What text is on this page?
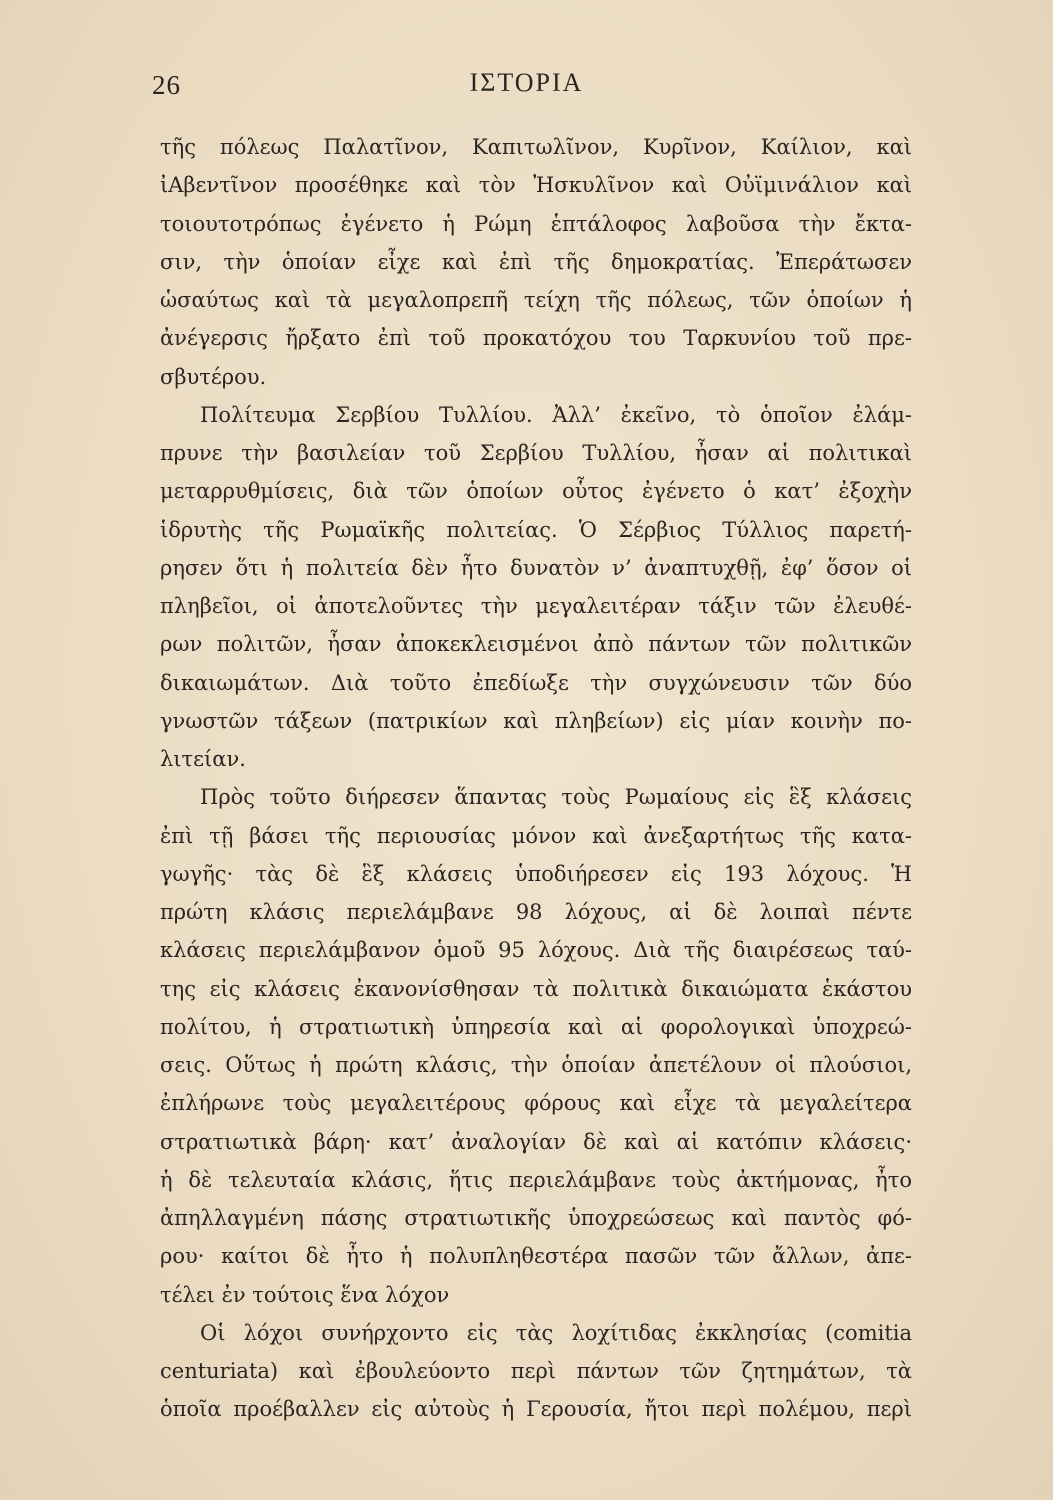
26	ΙΣΤΟΡΙΑ
τῆς πόλεως Παλατῖνον, Καπιτωλῖνον, Κυρῖνον, Καίλιον, καὶ
ἰΑβεντῖνον προσέθηκε καὶ τὸν Ἠσκυλῖνον καὶ Οὐϊμινάλιον καὶ
τοιουτοτρόπως ἐγένετο ἡ Ρώμη ἑπτάλοφος λαβοῦσα τὴν ἔκτα-
σιν, τὴν ὁποίαν εἶχε καὶ ἐπὶ τῆς δημοκρατίας. Ἐπεράτωσεν
ὡσαύτως καὶ τὰ μεγαλοπρεπῆ τείχη τῆς πόλεως, τῶν ὁποίων ἡ
ἀνέγερσις ἤρξατο ἐπὶ τοῦ προκατόχου του Ταρκυνίου τοῦ πρε-
σβυτέρου.
Πολίτευμα Σερβίου Τυλλίου. Ἀλλ’ ἐκεῖνο, τὸ ὁποῖον ἐλάμ-
πρυνε τὴν βασιλείαν τοῦ Σερβίου Τυλλίου, ἦσαν αἱ πολιτικαὶ
μεταρρυθμίσεις, διὰ τῶν ὁποίων οὗτος ἐγένετο ὁ κατ’ ἐξοχὴν
ἱδρυτὴς τῆς Ρωμαϊκῆς πολιτείας. Ὁ Σέρβιος Τύλλιος παρετή-
ρησεν ὅτι ἡ πολιτεία δὲν ἦτο δυνατὸν ν’ ἀναπτυχθῇ, ἐφ’ ὅσον οἱ
πληβεῖοι, οἱ ἀποτελοῦντες τὴν μεγαλειτέραν τάξιν τῶν ἐλευθέ-
ρων πολιτῶν, ἦσαν ἀποκεκλεισμένοι ἀπὸ πάντων τῶν πολιτικῶν
δικαιωμάτων. Διὰ τοῦτο ἐπεδίωξε τὴν συγχώνευσιν τῶν δύο
γνωστῶν τάξεων (πατρικίων καὶ πληβείων) εἰς μίαν κοινὴν πο-
λιτείαν.
Πρὸς τοῦτο διήρεσεν ἅπαντας τοὺς Ρωμαίους εἰς ἓξ κλάσεις
ἐπὶ τῇ βάσει τῆς περιουσίας μόνον καὶ ἀνεξαρτήτως τῆς κατα-
γωγῆς· τὰς δὲ ἓξ κλάσεις ὑποδιήρεσεν εἰς 193 λόχους. Ἡ
πρώτη κλάσις περιελάμβανε 98 λόχους, αἱ δὲ λοιπαὶ πέντε
κλάσεις περιελάμβανον ὁμοῦ 95 λόχους. Διὰ τῆς διαιρέσεως ταύ-
της εἰς κλάσεις ἐκανονίσθησαν τὰ πολιτικὰ δικαιώματα ἑκάστου
πολίτου, ἡ στρατιωτικὴ ὑπηρεσία καὶ αἱ φορολογικαὶ ὑποχρεώ-
σεις. Οὕτως ἡ πρώτη κλάσις, τὴν ὁποίαν ἀπετέλουν οἱ πλούσιοι,
ἐπλήρωνε τοὺς μεγαλειτέρους φόρους καὶ εἶχε τὰ μεγαλείτερα
στρατιωτικὰ βάρη· κατ’ ἀναλογίαν δὲ καὶ αἱ κατόπιν κλάσεις·
ἡ δὲ τελευταία κλάσις, ἥτις περιελάμβανε τοὺς ἀκτήμονας, ἦτο
ἀπηλλαγμένη πάσης στρατιωτικῆς ὑποχρεώσεως καὶ παντὸς φό-
ρου· καίτοι δὲ ἦτο ἡ πολυπληθεστέρα πασῶν τῶν ἄλλων, ἀπε-
τέλει ἐν τούτοις ἕνα λόχον
Οἱ λόχοι συνήρχοντο εἰς τὰς λοχίτιδας ἐκκλησίας (comitia
centuriata) καὶ ἐβουλεύοντο περὶ πάντων τῶν ζητημάτων, τὰ
ὁποῖα προέβαλλεν εἰς αὐτοὺς ἡ Γερουσία, ἤτοι περὶ πολέμου, περὶ
